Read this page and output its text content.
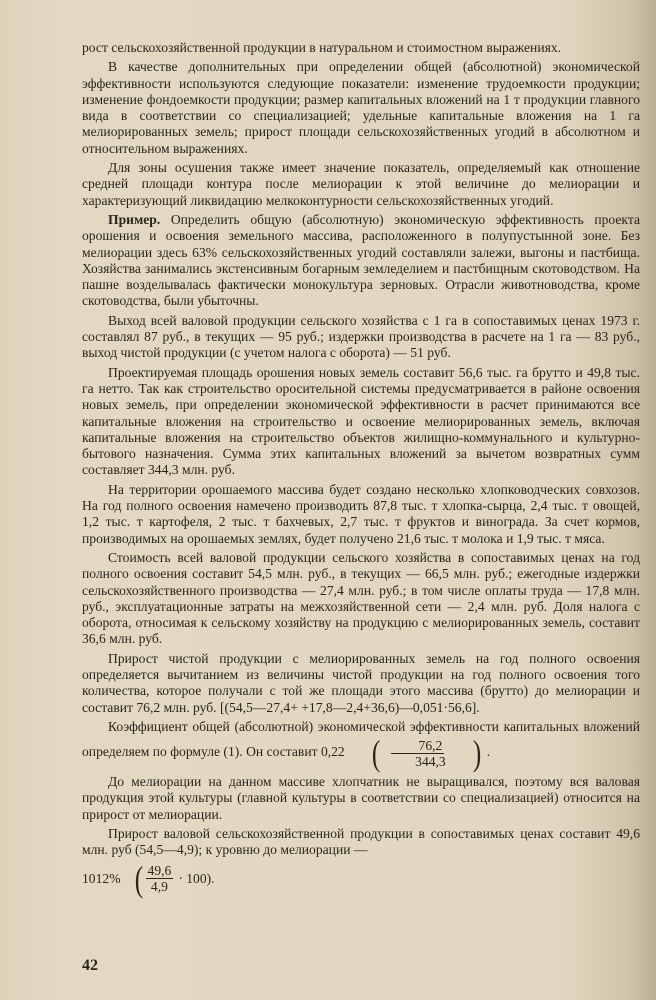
рост сельскохозяйственной продукции в натуральном и стоимостном выражениях.

В качестве дополнительных при определении общей (абсолютной) экономической эффективности используются следующие показатели: изменение трудоемкости продукции; изменение фондоемкости продукции; размер капитальных вложений на 1 т продукции главного вида в соответствии со специализацией; удельные капитальные вложения на 1 га мелиорированных земель; прирост площади сельскохозяйственных угодий в абсолютном и относительном выражениях.

Для зоны осушения также имеет значение показатель, определяемый как отношение средней площади контура после мелиорации к этой величине до мелиорации и характеризующий ликвидацию мелкоконтурности сельскохозяйственных угодий.

Пример. Определить общую (абсолютную) экономическую эффективность проекта орошения и освоения земельного массива, расположенного в полупустынной зоне. Без мелиорации здесь 63% сельскохозяйственных угодий составляли залежи, выгоны и пастбища. Хозяйства занимались экстенсивным богарным земледелием и пастбищным скотоводством. На пашне возделывалась фактически монокультура зерновых. Отрасли животноводства, кроме скотоводства, были убыточны.

Выход всей валовой продукции сельского хозяйства с 1 га в сопоставимых ценах 1973 г. составлял 87 руб., в текущих — 95 руб.; издержки производства в расчете на 1 га — 83 руб., выход чистой продукции (с учетом налога с оборота) — 51 руб.

Проектируемая площадь орошения новых земель составит 56,6 тыс. га брутто и 49,8 тыс. га нетто. Так как строительство оросительной системы предусматривается в районе освоения новых земель, при определении экономической эффективности в расчет принимаются все капитальные вложения на строительство и освоение мелиорированных земель, включая капитальные вложения на строительство объектов жилищно-коммунального и культурно-бытового назначения. Сумма этих капитальных вложений за вычетом возвратных сумм составляет 344,3 млн. руб.

На территории орошаемого массива будет создано несколько хлопководческих совхозов. На год полного освоения намечено производить 87,8 тыс. т хлопка-сырца, 2,4 тыс. т овощей, 1,2 тыс. т картофеля, 2 тыс. т бахчевых, 2,7 тыс. т фруктов и винограда. За счет кормов, производимых на орошаемых землях, будет получено 21,6 тыс. т молока и 1,9 тыс. т мяса.

Стоимость всей валовой продукции сельского хозяйства в сопоставимых ценах на год полного освоения составит 54,5 млн. руб., в текущих — 66,5 млн. руб.; ежегодные издержки сельскохозяйственного производства — 27,4 млн. руб.; в том числе оплаты труда — 17,8 млн. руб., эксплуатационные затраты на межхозяйственной сети — 2,4 млн. руб. Доля налога с оборота, относимая к сельскому хозяйству на продукцию с мелиорированных земель, составит 36,6 млн. руб.

Прирост чистой продукции с мелиорированных земель на год полного освоения определяется вычитанием из величины чистой продукции на год полного освоения того количества, которое получали с той же площади этого массива (брутто) до мелиорации и составит 76,2 млн. руб. [(54,5—27,4+ +17,8—2,4+36,6)—0,051·56,6].

Коэффициент общей (абсолютной) экономической эффективности капитальных вложений определяем по формуле (1). Он составит 0,22 ( $\frac{76,2}{344,3}$ ) .

До мелиорации на данном массиве хлопчатник не выращивался, поэтому вся валовая продукция этой культуры (главной культуры в соответствии со специализацией) относится на прирост от мелиорации.

Прирост валовой сельскохозяйственной продукции в сопоставимых ценах составит 49,6 млн. руб (54,5—4,9); к уровню до мелиорации —

1012% ( $\frac{49,6}{4,9} \cdot 100$).
42
